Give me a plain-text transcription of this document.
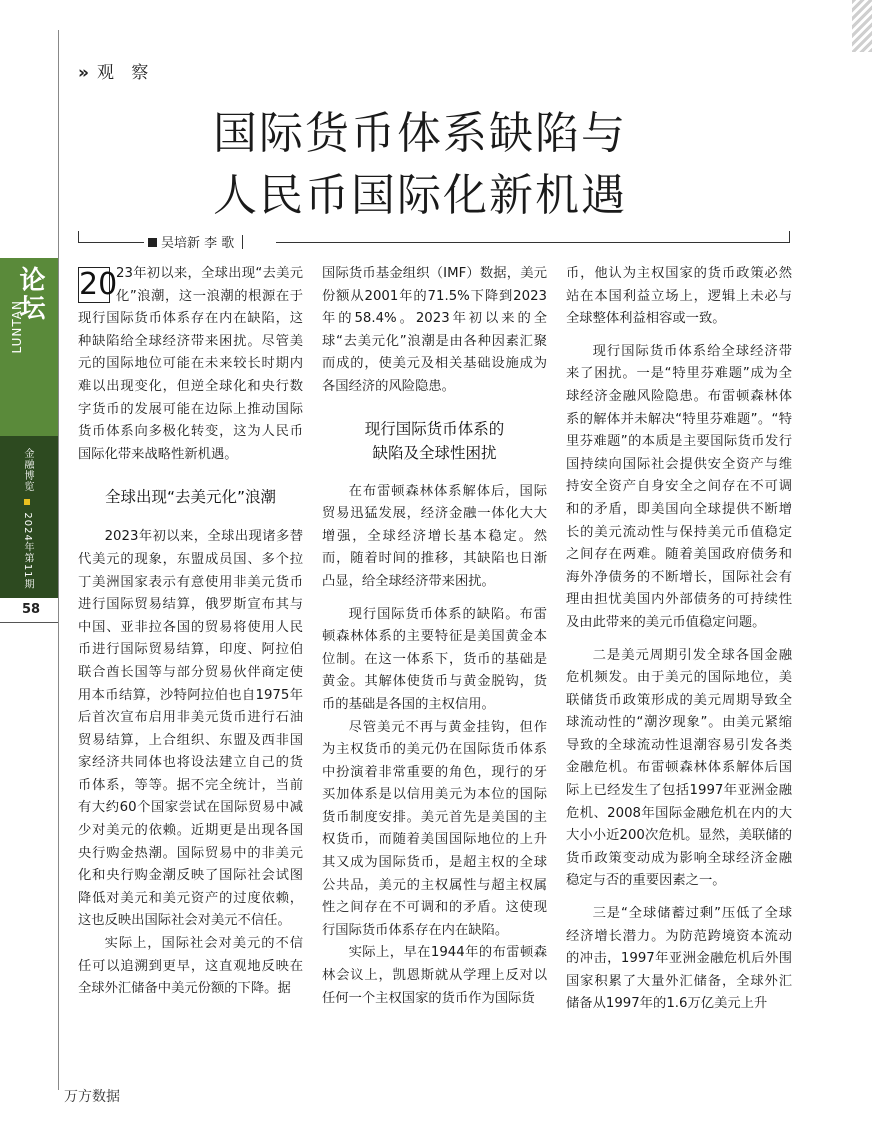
» 观 察
国际货币体系缺陷与
人民币国际化新机遇
吴培新 李 歌
论坛
LUNTAN
金融博览  2024年第11期
58

20
23年初以来，全球出现“去美元化”浪潮，这一浪潮的根源在于现行国际货币体系存在内在缺陷，这种缺陷给全球经济带来困扰。尽管美元的国际地位可能在未来较长时期内难以出现变化，但逆全球化和央行数字货币的发展可能在边际上推动国际货币体系向多极化转变，这为人民币国际化带来战略性新机遇。

全球出现“去美元化”浪潮

2023年初以来，全球出现诸多替代美元的现象，东盟成员国、多个拉丁美洲国家表示有意使用非美元货币进行国际贸易结算，俄罗斯宣布其与中国、亚非拉各国的贸易将使用人民币进行国际贸易结算，印度、阿拉伯联合酋长国等与部分贸易伙伴商定使用本币结算，沙特阿拉伯也自1975年后首次宣布启用非美元货币进行石油贸易结算，上合组织、东盟及西非国家经济共同体也将设法建立自己的货币体系，等等。据不完全统计，当前有大约60个国家尝试在国际贸易中减少对美元的依赖。近期更是出现各国央行购金热潮。国际贸易中的非美元化和央行购金潮反映了国际社会试图降低对美元和美元资产的过度依赖，这也反映出国际社会对美元不信任。

实际上，国际社会对美元的不信任可以追溯到更早，这直观地反映在全球外汇储备中美元份额的下降。据

国际货币基金组织（IMF）数据，美元份额从2001年的71.5%下降到2023年的58.4%。2023年初以来的全球“去美元化”浪潮是由各种因素汇聚而成的，使美元及相关基础设施成为各国经济的风险隐患。

现行国际货币体系的
缺陷及全球性困扰

在布雷顿森林体系解体后，国际贸易迅猛发展，经济金融一体化大大增强，全球经济增长基本稳定。然而，随着时间的推移，其缺陷也日渐凸显，给全球经济带来困扰。

现行国际货币体系的缺陷。布雷顿森林体系的主要特征是美国黄金本位制。在这一体系下，货币的基础是黄金。其解体使货币与黄金脱钩，货币的基础是各国的主权信用。

尽管美元不再与黄金挂钩，但作为主权货币的美元仍在国际货币体系中扮演着非常重要的角色，现行的牙买加体系是以信用美元为本位的国际货币制度安排。美元首先是美国的主权货币，而随着美国国际地位的上升其又成为国际货币，是超主权的全球公共品，美元的主权属性与超主权属性之间存在不可调和的矛盾。这使现行国际货币体系存在内在缺陷。

实际上，早在1944年的布雷顿森林会议上，凯恩斯就从学理上反对以任何一个主权国家的货币作为国际货

币，他认为主权国家的货币政策必然站在本国利益立场上，逻辑上未必与全球整体利益相容或一致。

现行国际货币体系给全球经济带来了困扰。一是“特里芬难题”成为全球经济金融风险隐患。布雷顿森林体系的解体并未解决“特里芬难题”。“特里芬难题”的本质是主要国际货币发行国持续向国际社会提供安全资产与维持安全资产自身安全之间存在不可调和的矛盾，即美国向全球提供不断增长的美元流动性与保持美元币值稳定之间存在两难。随着美国政府债务和海外净债务的不断增长，国际社会有理由担忧美国内外部债务的可持续性及由此带来的美元币值稳定问题。

二是美元周期引发全球各国金融危机频发。由于美元的国际地位，美联储货币政策形成的美元周期导致全球流动性的“潮汐现象”。由美元紧缩导致的全球流动性退潮容易引发各类金融危机。布雷顿森林体系解体后国际上已经发生了包括1997年亚洲金融危机、2008年国际金融危机在内的大大小小近200次危机。显然，美联储的货币政策变动成为影响全球经济金融稳定与否的重要因素之一。

三是“全球储蓄过剩”压低了全球经济增长潜力。为防范跨境资本流动的冲击，1997年亚洲金融危机后外围国家积累了大量外汇储备，全球外汇储备从1997年的1.6万亿美元上升

万方数据
